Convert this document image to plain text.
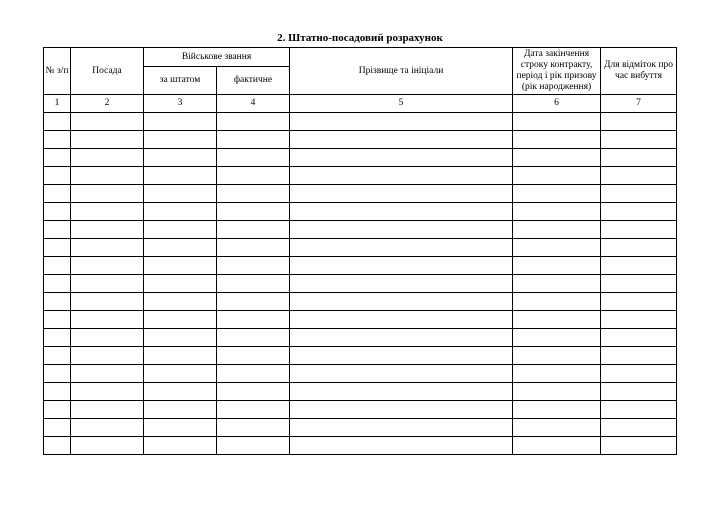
2. Штатно-посадовий розрахунок
№ з/п	Посада	Військове звання		Прізвище та ініціали	Дата закінчення строку контракту, період і рік призову (рік народження)	Для відміток про час вибуття
		за штатом	фактичне			
1	2	3	4	5	6	7
